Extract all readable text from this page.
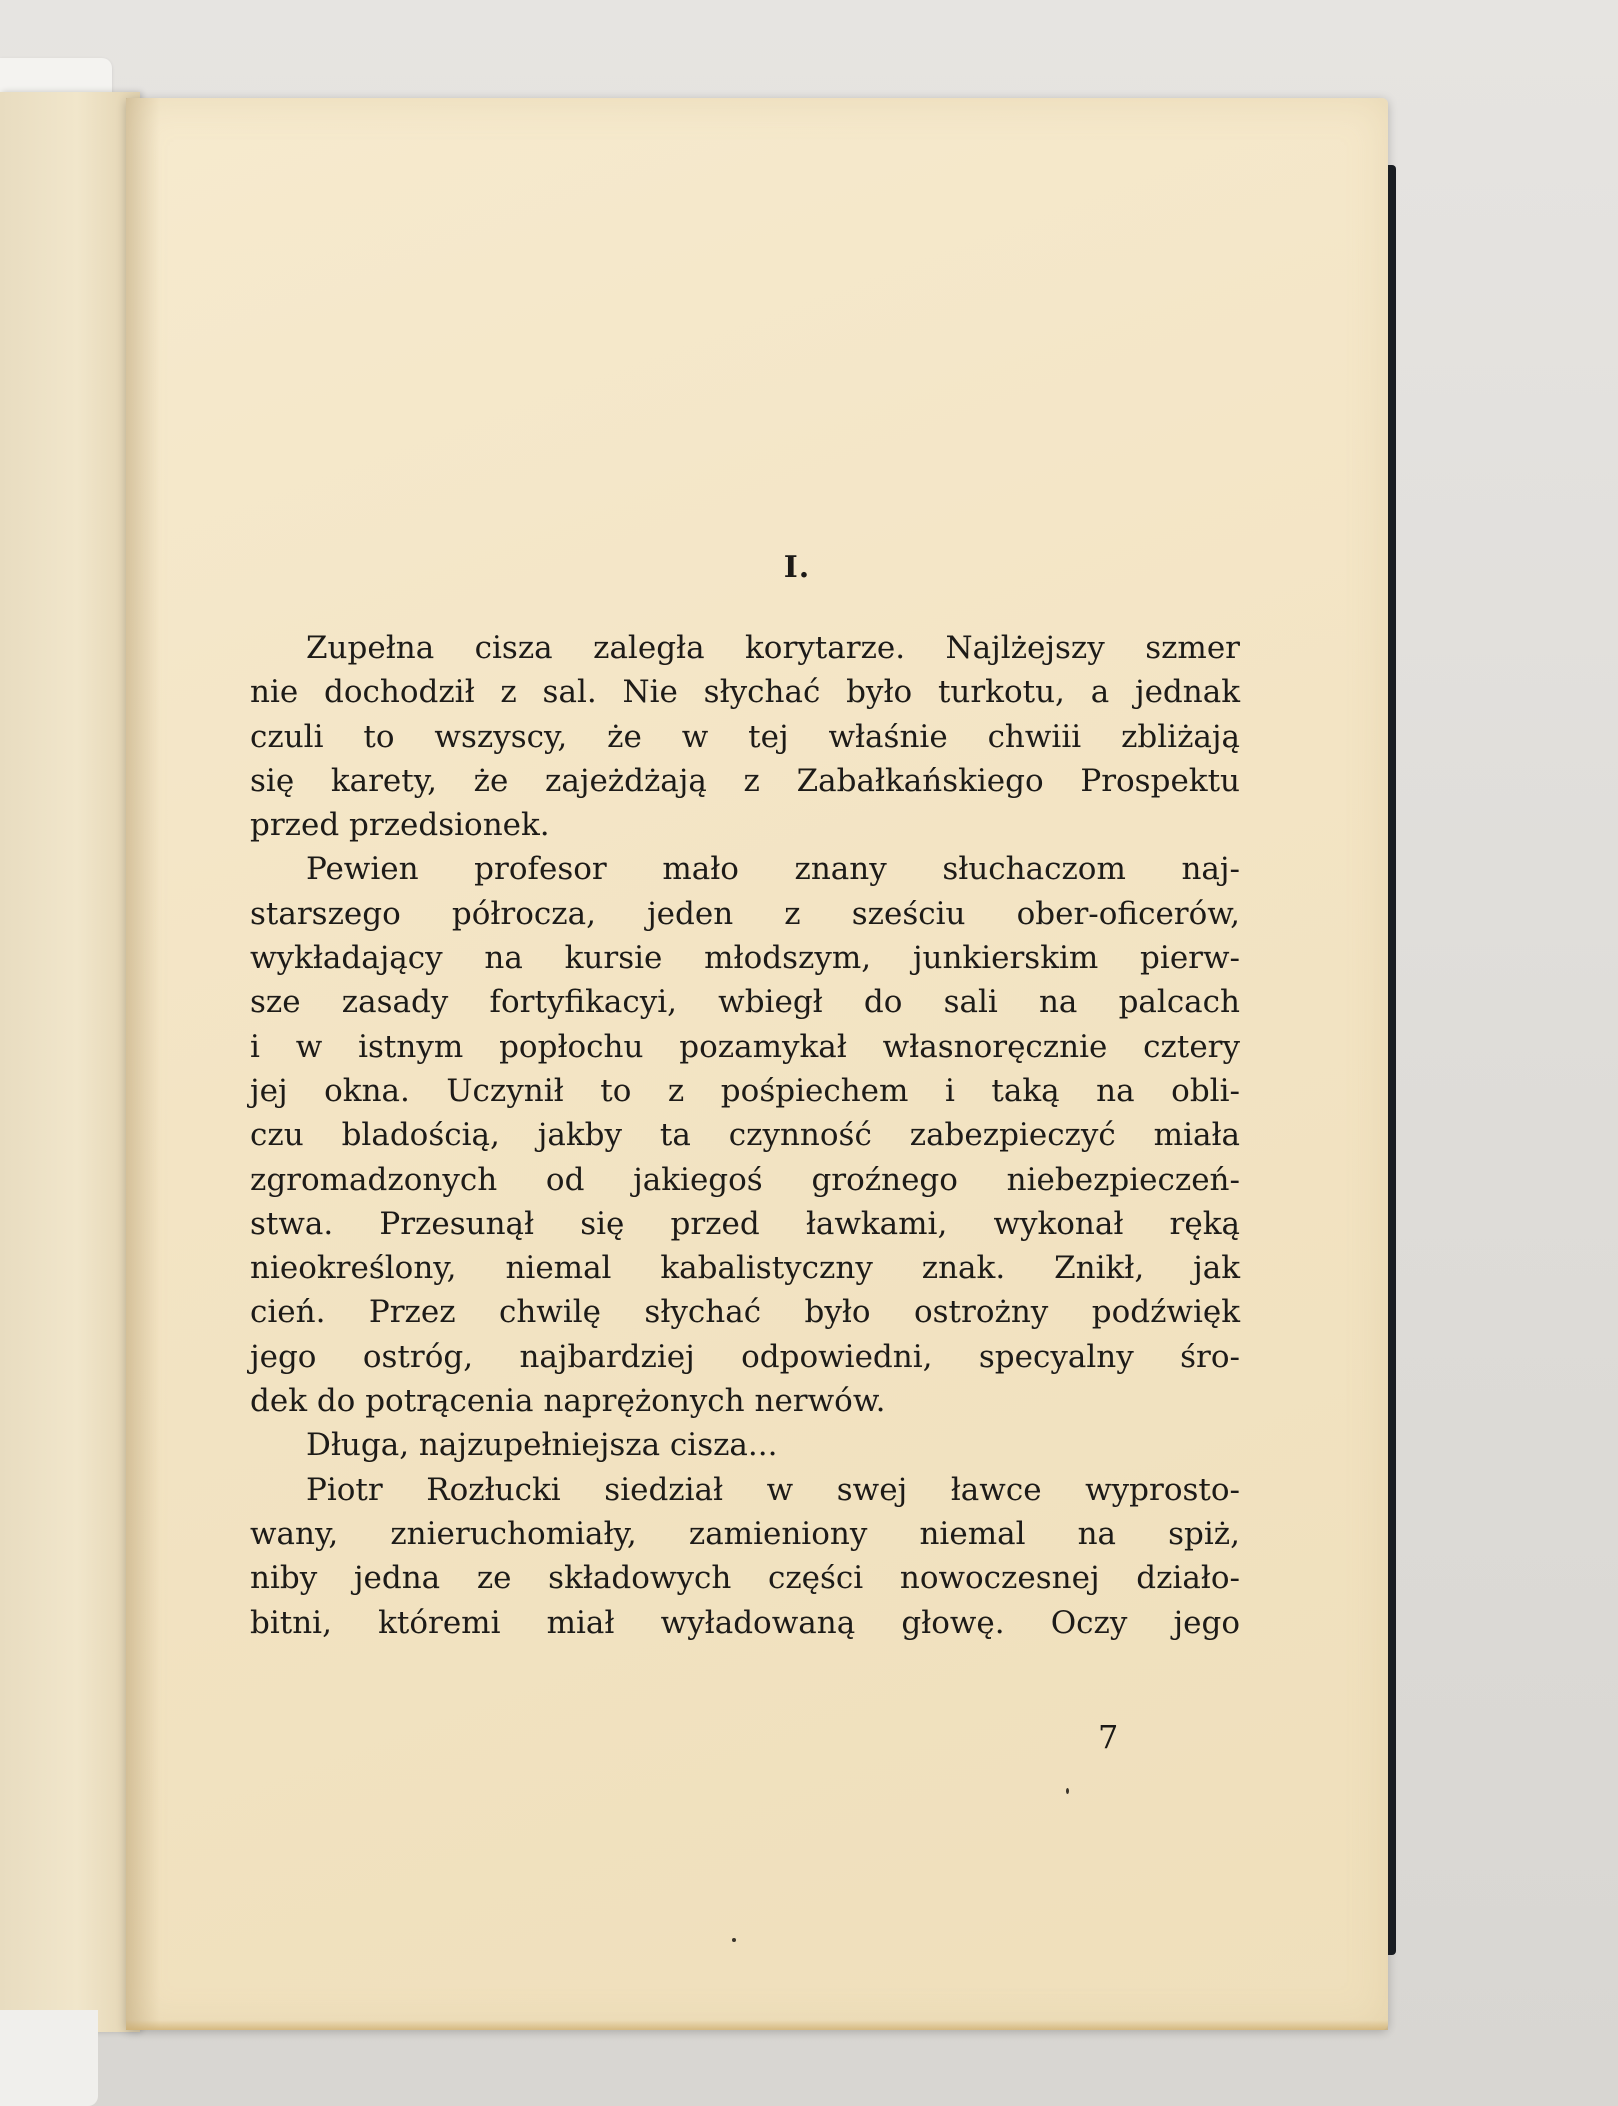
I.
Zupełna cisza zaległa korytarze. Najlżejszy szmer
nie dochodził z sal. Nie słychać było turkotu, a jednak
czuli to wszyscy, że w tej właśnie chwiii zbliżają
się karety, że zajeżdżają z Zabałkańskiego Prospektu
przed przedsionek.
Pewien profesor mało znany słuchaczom naj-
starszego półrocza, jeden z sześciu ober-oficerów,
wykładający na kursie młodszym, junkierskim pierw-
sze zasady fortyfikacyi, wbiegł do sali na palcach
i w istnym popłochu pozamykał własnoręcznie cztery
jej okna. Uczynił to z pośpiechem i taką na obli-
czu bladością, jakby ta czynność zabezpieczyć miała
zgromadzonych od jakiegoś groźnego niebezpieczeń-
stwa. Przesunął się przed ławkami, wykonał ręką
nieokreślony, niemal kabalistyczny znak. Znikł, jak
cień. Przez chwilę słychać było ostrożny podźwięk
jego ostróg, najbardziej odpowiedni, specyalny śro-
dek do potrącenia naprężonych nerwów.
Długa, najzupełniejsza cisza...
Piotr Rozłucki siedział w swej ławce wyprosto-
wany, znieruchomiały, zamieniony niemal na spiż,
niby jedna ze składowych części nowoczesnej działo-
bitni, któremi miał wyładowaną głowę. Oczy jego
7
